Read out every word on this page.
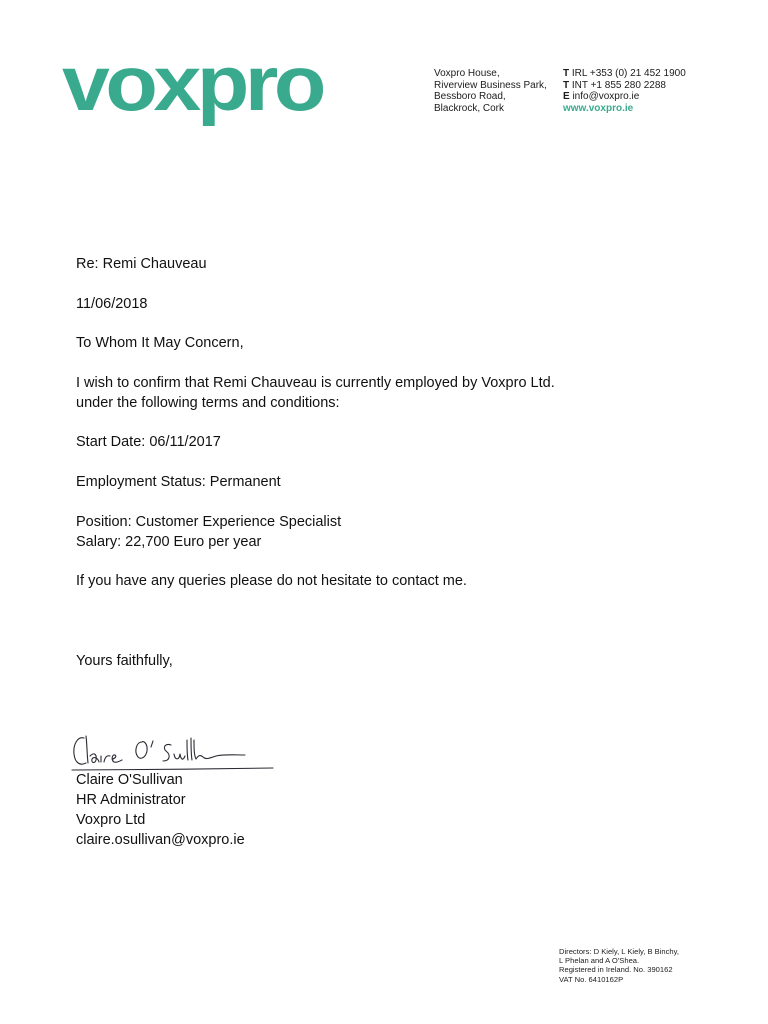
voxpro	Voxpro House,
Riverview Business Park,
Bessboro Road,
Blackrock, Cork
T IRL +353 (0) 21 452 1900
T INT +1 855 280 2288
E info@voxpro.ie
www.voxpro.ie
Re: Remi Chauveau
11/06/2018
To Whom It May Concern,
I wish to confirm that Remi Chauveau is currently employed by Voxpro Ltd.
under the following terms and conditions:
Start Date: 06/11/2017
Employment Status: Permanent
Position: Customer Experience Specialist
Salary: 22,700 Euro per year
If you have any queries please do not hesitate to contact me.
Yours faithfully,
Claire O'Sullivan
HR Administrator
Voxpro Ltd
claire.osullivan@voxpro.ie
Directors: D Kiely, L Kiely, B Binchy,
L Phelan and A O'Shea.
Registered in Ireland. No. 390162
VAT No. 6410162P
